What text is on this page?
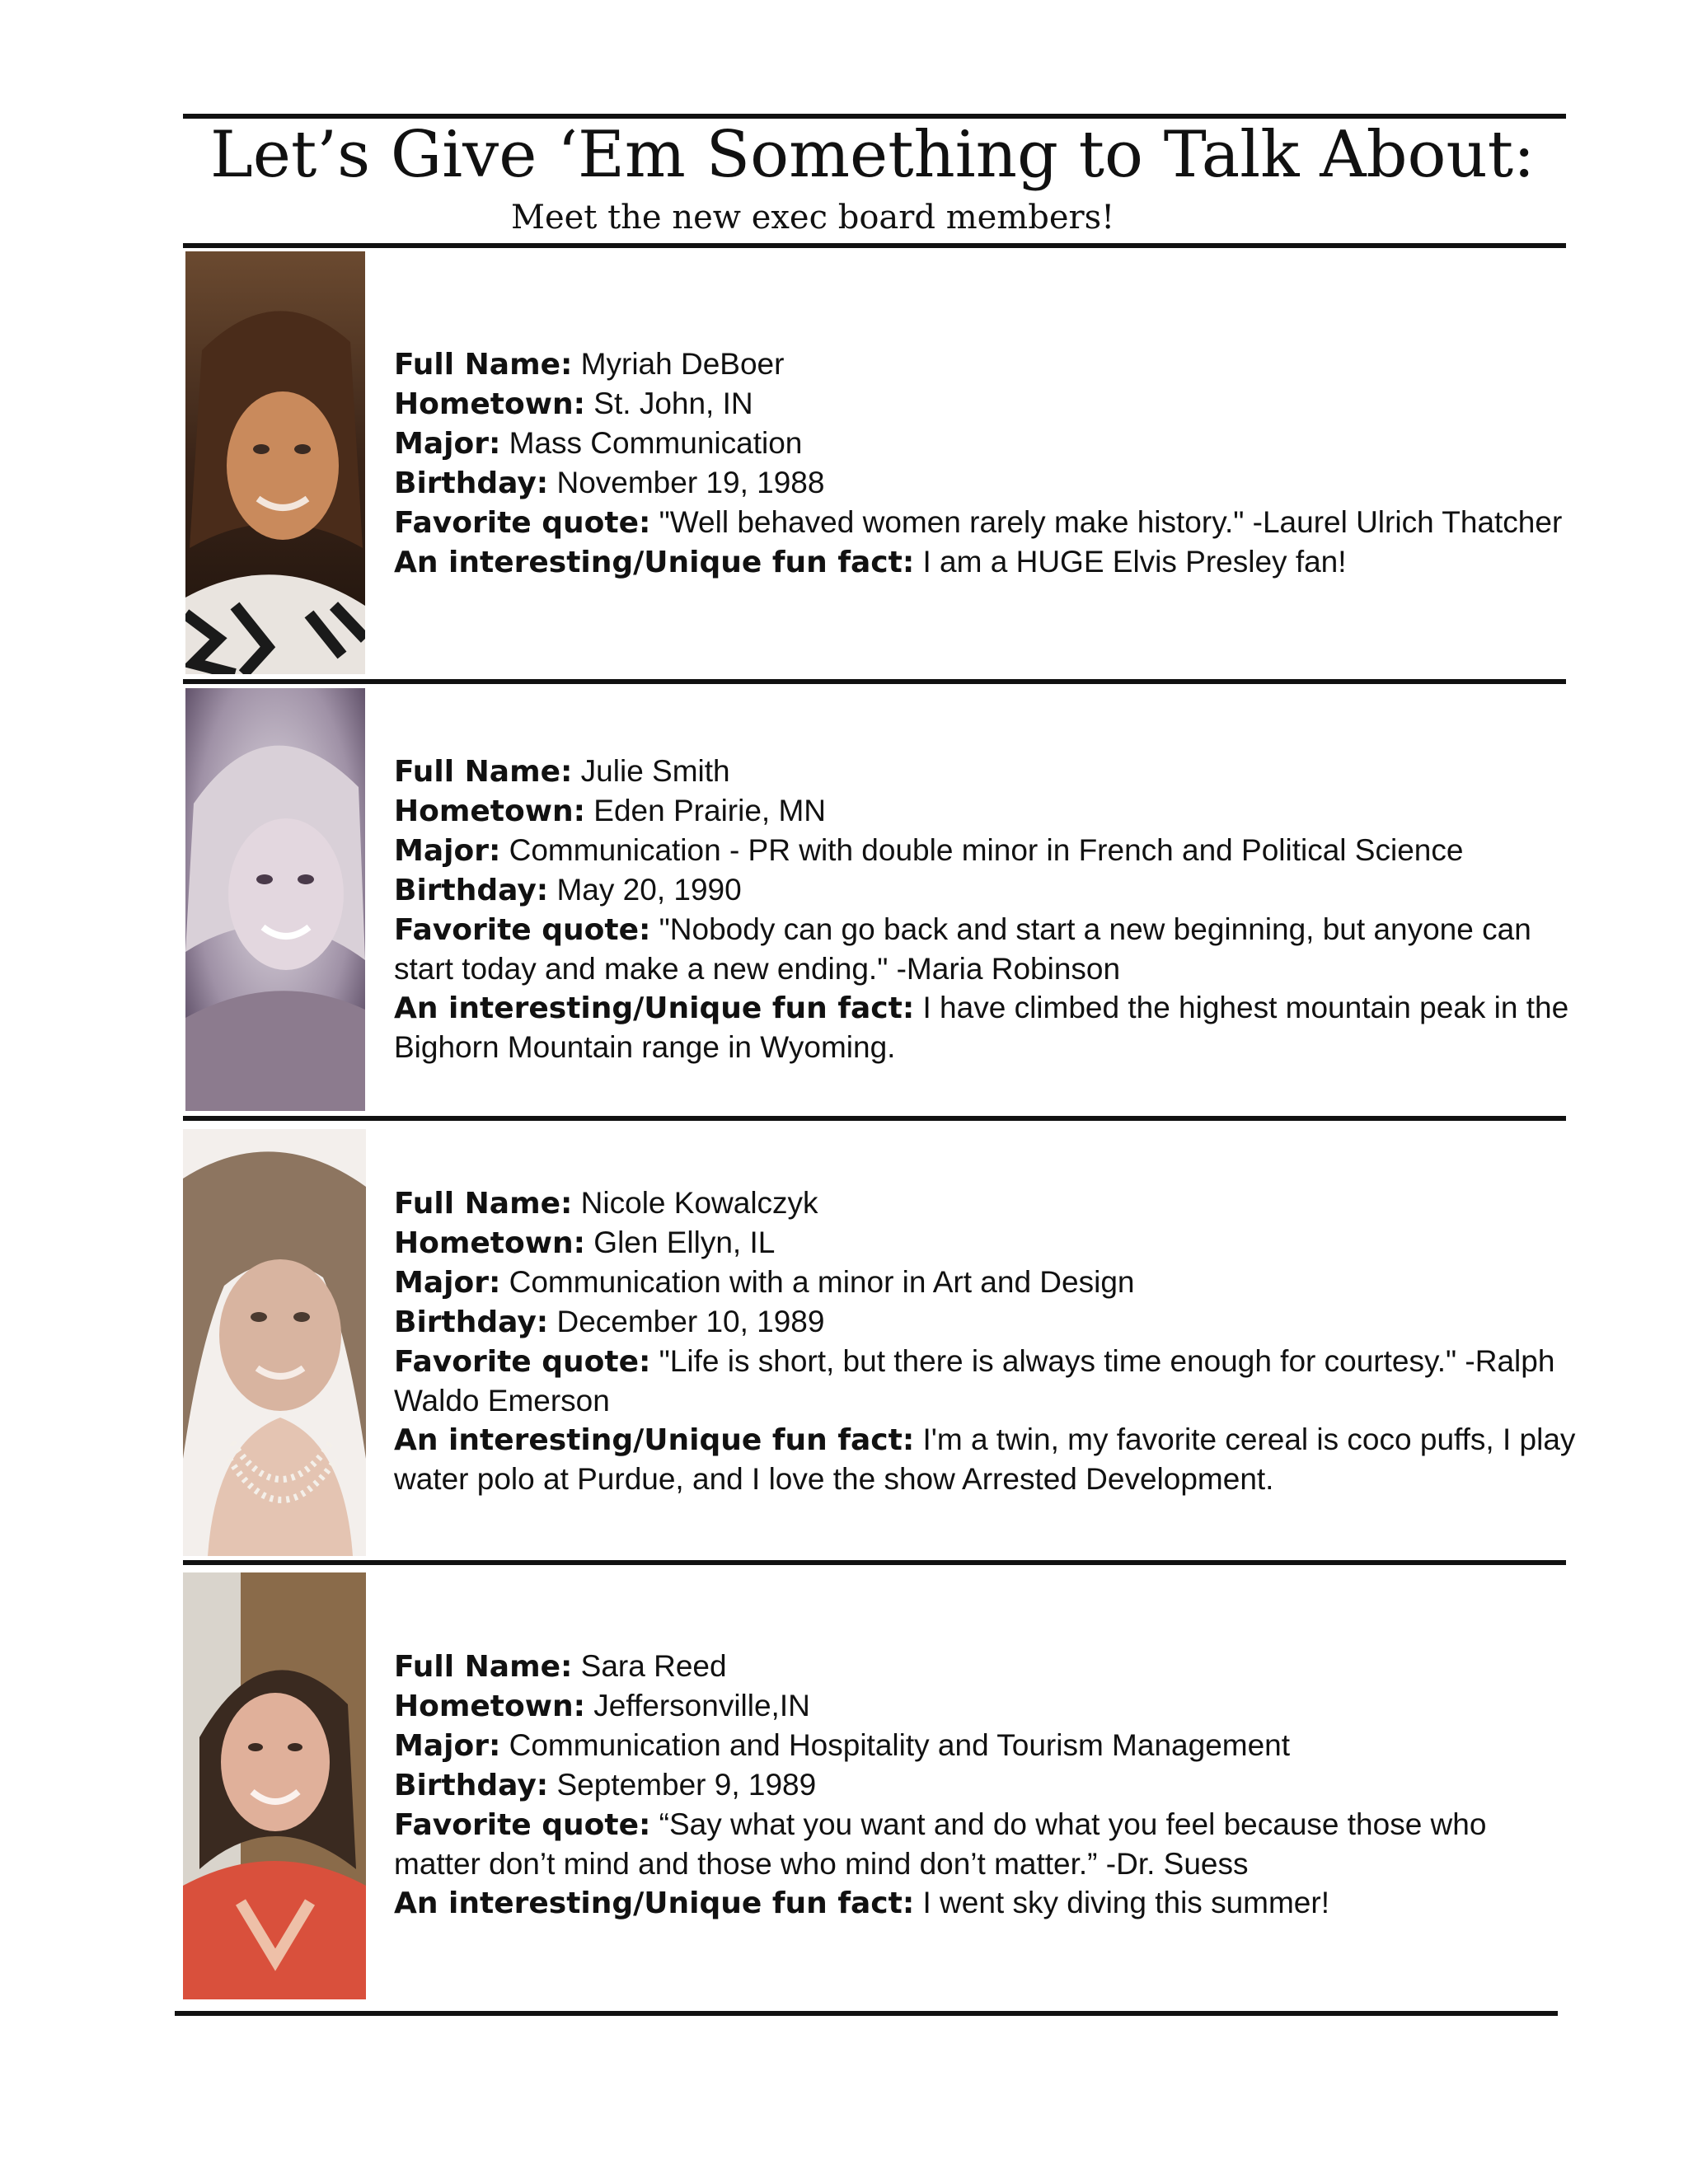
Let’s Give ‘Em Something to Talk About:
Meet the new exec board members!

Full Name: Myriah DeBoer

Hometown: St. John, IN

Major: Mass Communication

Birthday: November 19, 1988

Favorite quote: "Well behaved women rarely make history." -Laurel Ulrich Thatcher

An interesting/Unique fun fact: I am a HUGE Elvis Presley fan!

Full Name: Julie Smith

Hometown: Eden Prairie, MN

Major: Communication - PR with double minor in French and Political Science

Birthday: May 20, 1990

Favorite quote: "Nobody can go back and start a new beginning, but anyone can start today and make a new ending." -Maria Robinson

An interesting/Unique fun fact: I have climbed the highest mountain peak in the Bighorn Mountain range in Wyoming.

Full Name: Nicole Kowalczyk

Hometown: Glen Ellyn, IL

Major: Communication with a minor in Art and Design

Birthday: December 10, 1989

Favorite quote: "Life is short, but there is always time enough for courtesy." -Ralph Waldo Emerson

An interesting/Unique fun fact: I'm a twin, my favorite cereal is coco puffs, I play water polo at Purdue, and I love the show Arrested Development.

Full Name: Sara Reed

Hometown: Jeffersonville,IN

Major: Communication and Hospitality and Tourism Management

Birthday: September 9, 1989

Favorite quote: “Say what you want and do what you feel because those who matter don’t mind and those who mind don’t matter.” -Dr. Suess

An interesting/Unique fun fact: I went sky diving this summer!
